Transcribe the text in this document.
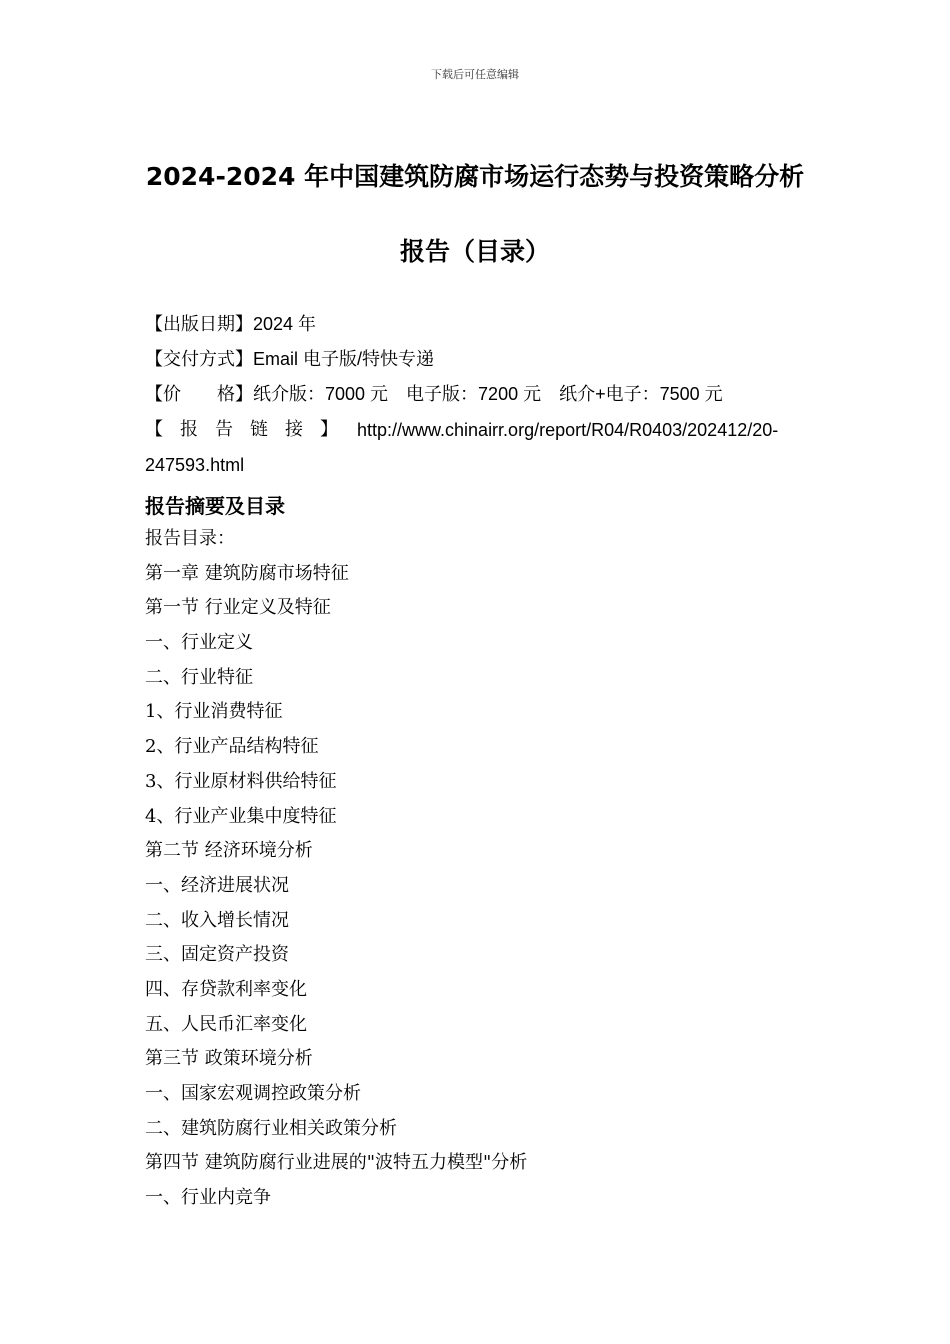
下载后可任意编辑
2024-2024 年中国建筑防腐市场运行态势与投资策略分析
报告（目录）
【出版日期】2024 年
【交付方式】Email 电子版/特快专递
【价　　格】纸介版：7000 元　电子版：7200 元　纸介+电子：7500 元
【报告链接】 http://www.chinairr.org/report/R04/R0403/202412/20-
247593.html
报告摘要及目录
报告目录：
第一章 建筑防腐市场特征
第一节 行业定义及特征
一、行业定义
二、行业特征
1、行业消费特征
2、行业产品结构特征
3、行业原材料供给特征
4、行业产业集中度特征
第二节 经济环境分析
一、经济进展状况
二、收入增长情况
三、固定资产投资
四、存贷款利率变化
五、人民币汇率变化
第三节 政策环境分析
一、国家宏观调控政策分析
二、建筑防腐行业相关政策分析
第四节 建筑防腐行业进展的"波特五力模型"分析
一、行业内竞争
